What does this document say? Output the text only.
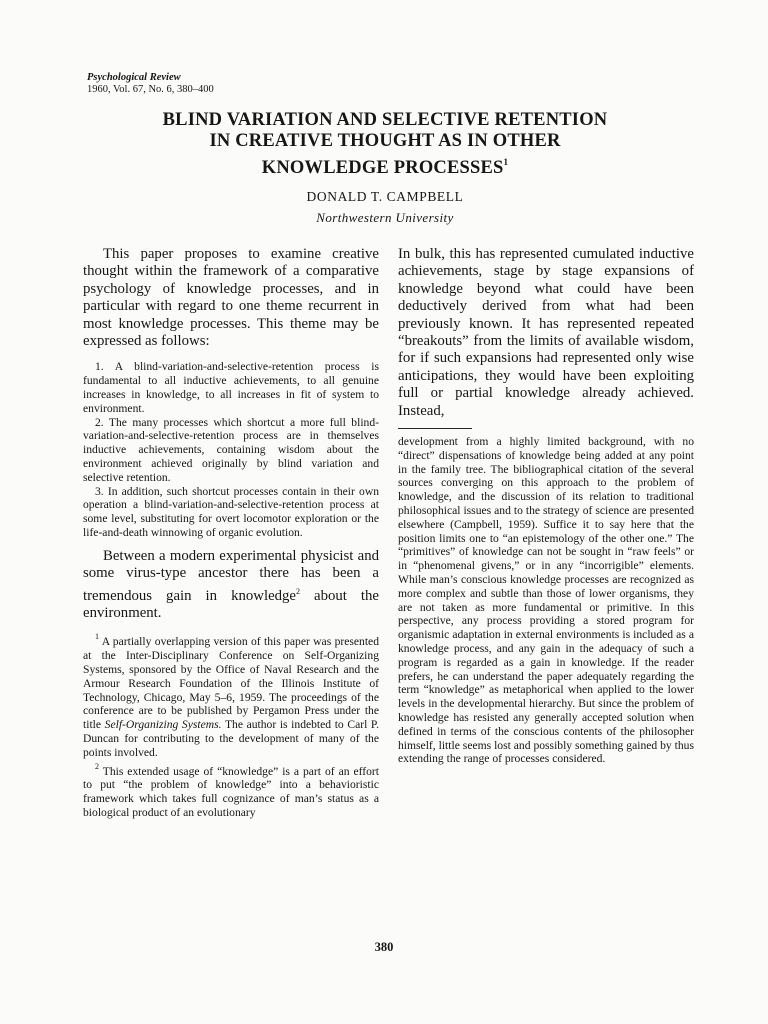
Psychological Review
1960, Vol. 67, No. 6, 380–400
BLIND VARIATION AND SELECTIVE RETENTION
IN CREATIVE THOUGHT AS IN OTHER
KNOWLEDGE PROCESSES$^1$
DONALD T. CAMPBELL
Northwestern University

This paper proposes to examine creative thought within the framework of a comparative psychology of knowledge processes, and in particular with regard to one theme recurrent in most knowledge processes. This theme may be expressed as follows:

1. A blind-variation-and-selective-retention process is fundamental to all inductive achievements, to all genuine increases in knowledge, to all increases in fit of system to environment.

2. The many processes which shortcut a more full blind-variation-and-selective-retention process are in themselves inductive achievements, containing wisdom about the environment achieved originally by blind variation and selective retention.

3. In addition, such shortcut processes contain in their own operation a blind-variation-and-selective-retention process at some level, substituting for overt locomotor exploration or the life-and-death winnowing of organic evolution.

Between a modern experimental physicist and some virus-type ancestor there has been a tremendous gain in knowledge$^2$ about the environment.

$^1$ A partially overlapping version of this paper was presented at the Inter-Disciplinary Conference on Self-Organizing Systems, sponsored by the Office of Naval Research and the Armour Research Foundation of the Illinois Institute of Technology, Chicago, May 5–6, 1959. The proceedings of the conference are to be published by Pergamon Press under the title Self-Organizing Systems. The author is indebted to Carl P. Duncan for contributing to the development of many of the points involved.

$^2$ This extended usage of “knowledge” is a part of an effort to put “the problem of knowledge” into a behavioristic framework which takes full cognizance of man’s status as a biological product of an evolutionary

In bulk, this has represented cumulated inductive achievements, stage by stage expansions of knowledge beyond what could have been deductively derived from what had been previously known. It has represented repeated “breakouts” from the limits of available wisdom, for if such expansions had represented only wise anticipations, they would have been exploiting full or partial knowledge already achieved. Instead,

development from a highly limited background, with no “direct” dispensations of knowledge being added at any point in the family tree. The bibliographical citation of the several sources converging on this approach to the problem of knowledge, and the discussion of its relation to traditional philosophical issues and to the strategy of science are presented elsewhere (Campbell, 1959). Suffice it to say here that the position limits one to “an epistemology of the other one.” The “primitives” of knowledge can not be sought in “raw feels” or in “phenomenal givens,” or in any “incorrigible” elements. While man’s conscious knowledge processes are recognized as more complex and subtle than those of lower organisms, they are not taken as more fundamental or primitive. In this perspective, any process providing a stored program for organismic adaptation in external environments is included as a knowledge process, and any gain in the adequacy of such a program is regarded as a gain in knowledge. If the reader prefers, he can understand the paper adequately regarding the term “knowledge” as metaphorical when applied to the lower levels in the developmental hierarchy. But since the problem of knowledge has resisted any generally accepted solution when defined in terms of the conscious contents of the philosopher himself, little seems lost and possibly something gained by thus extending the range of processes considered.

380
